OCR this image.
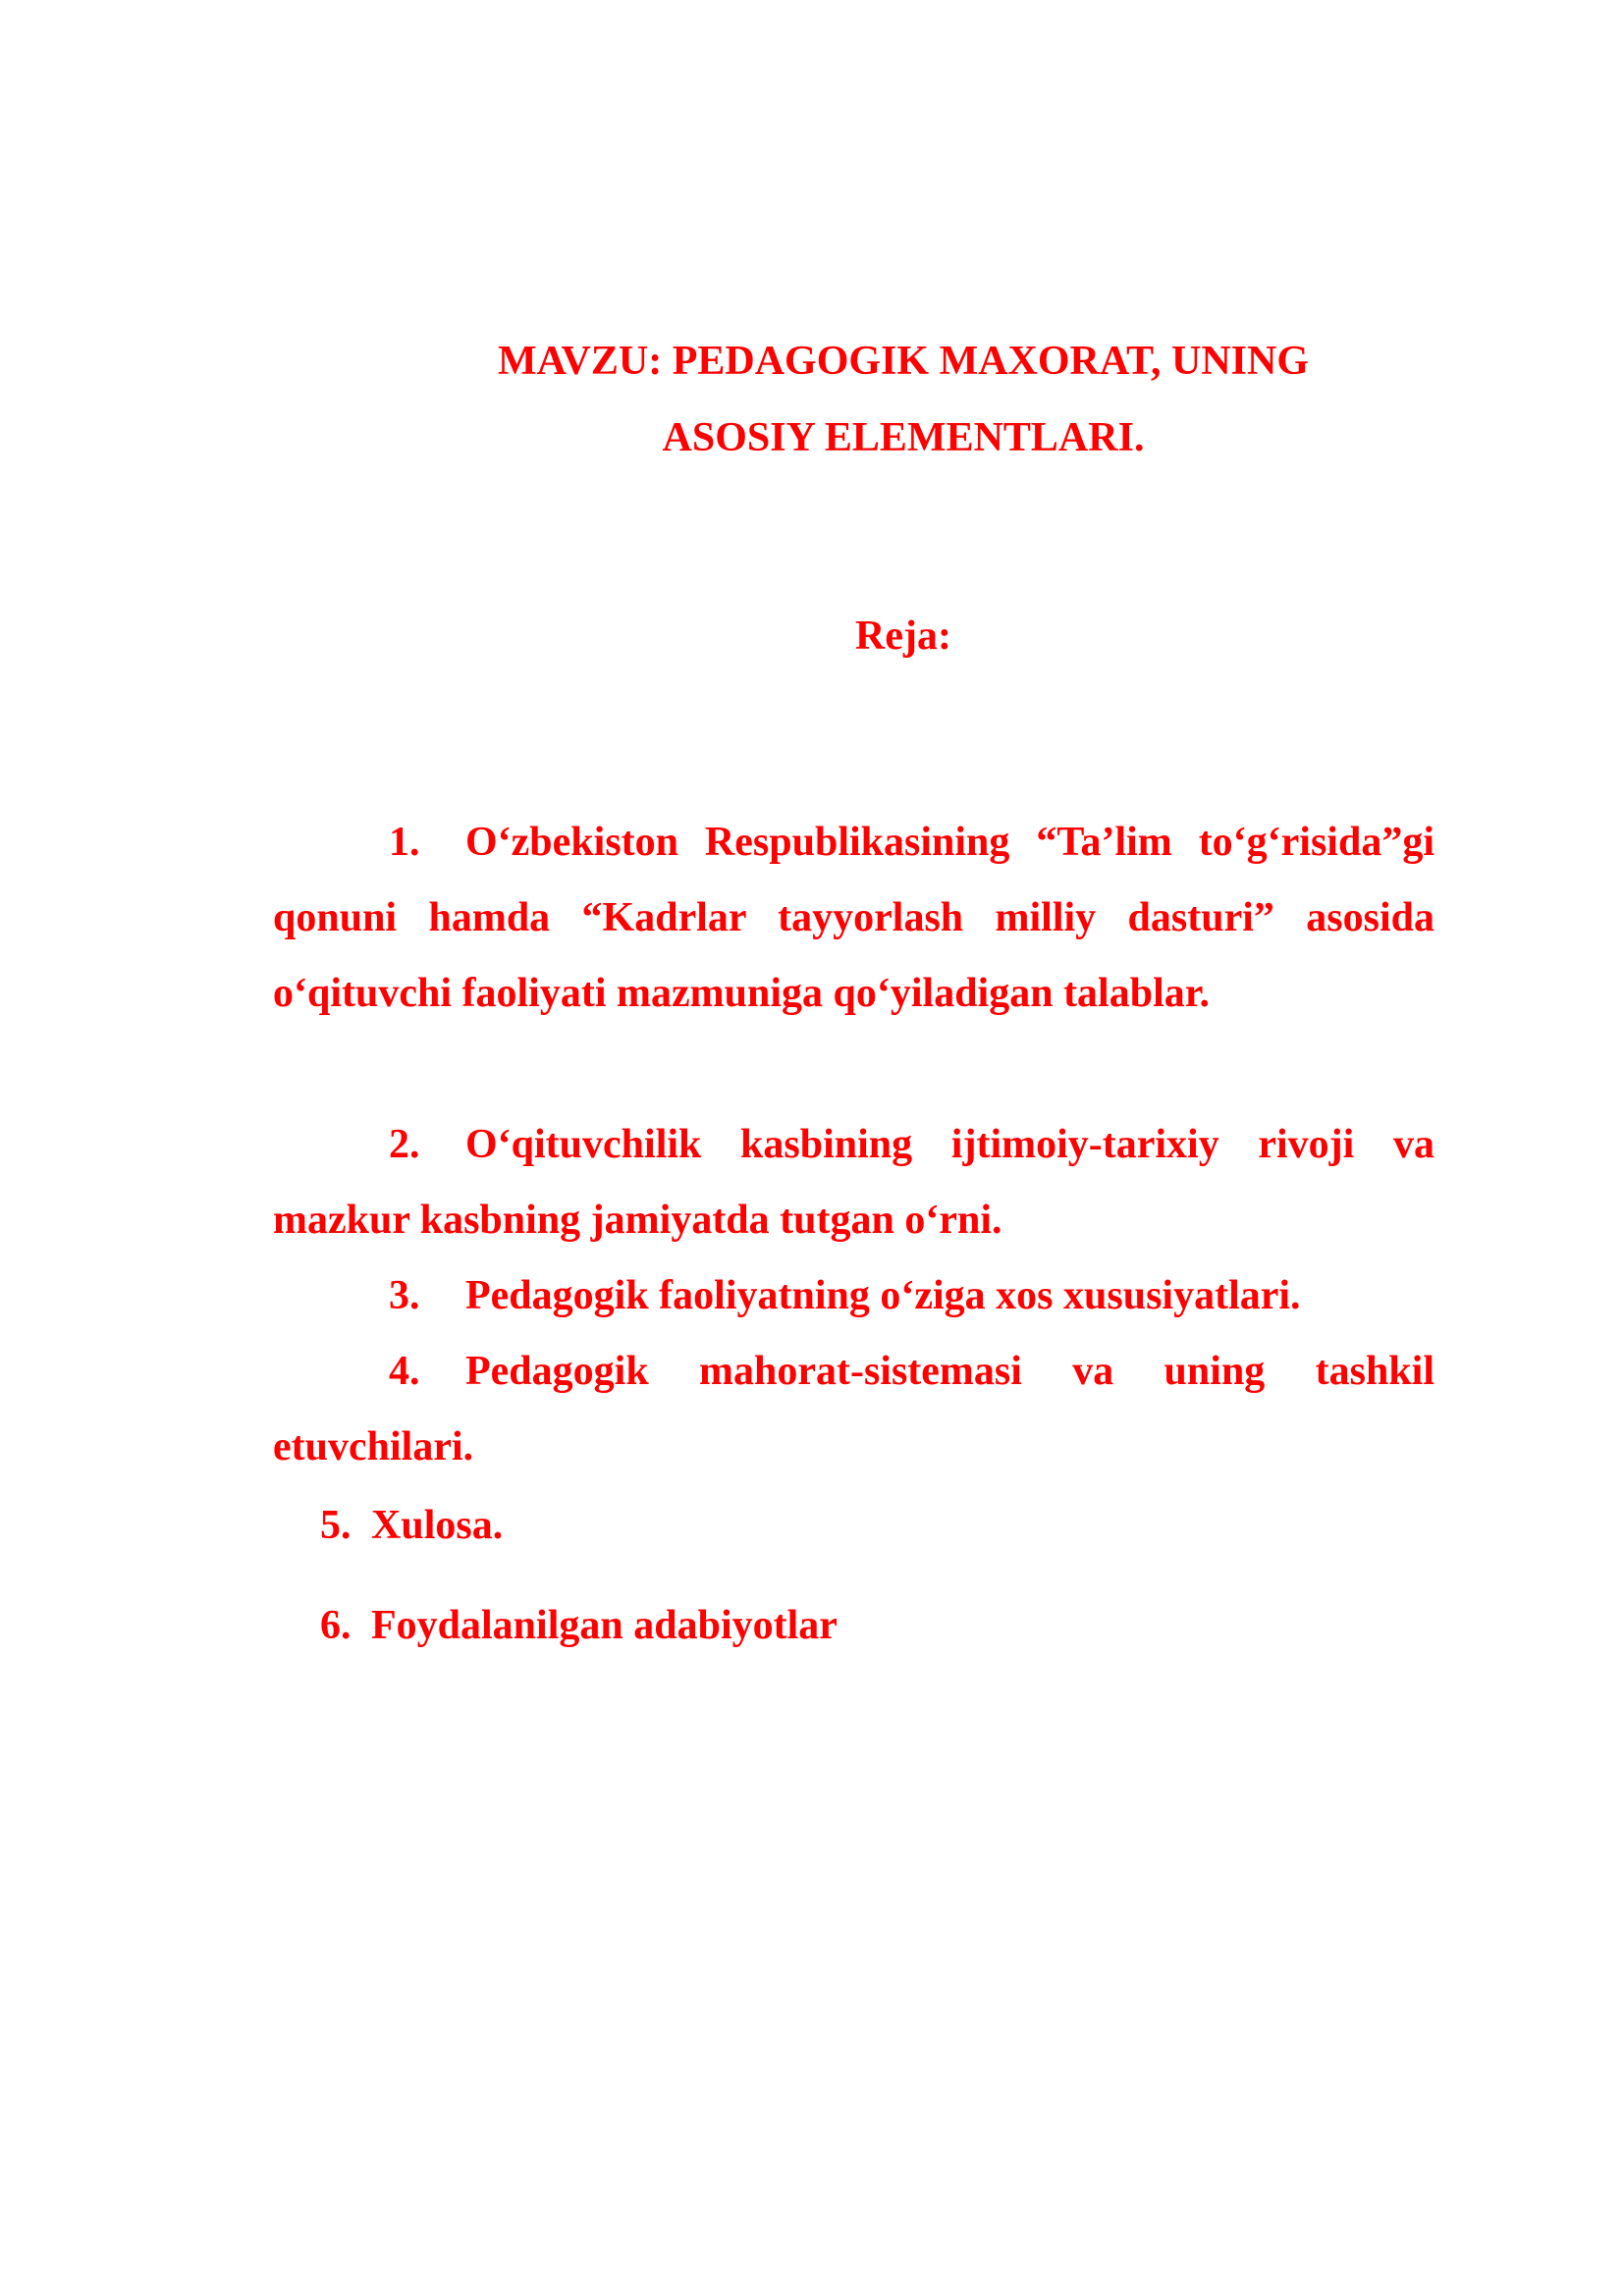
MAVZU: PEDAGOGIK MAXORAT, UNING
ASOSIY ELEMENTLARI.
Reja:
1. O‘zbekiston Respublikasining “Ta’lim to‘g‘risida”gi qonuni hamda “Kadrlar tayyorlash milliy dasturi” asosida o‘qituvchi faoliyati mazmuniga qo‘yiladigan talablar.
2. O‘qituvchilik kasbining ijtimoiy-tarixiy rivoji va mazkur kasbning jamiyatda tutgan o‘rni.
3. Pedagogik faoliyatning o‘ziga xos xususiyatlari.
4. Pedagogik mahorat-sistemasi va uning tashkil etuvchilari.
5. Xulosa.
6. Foydalanilgan adabiyotlar
